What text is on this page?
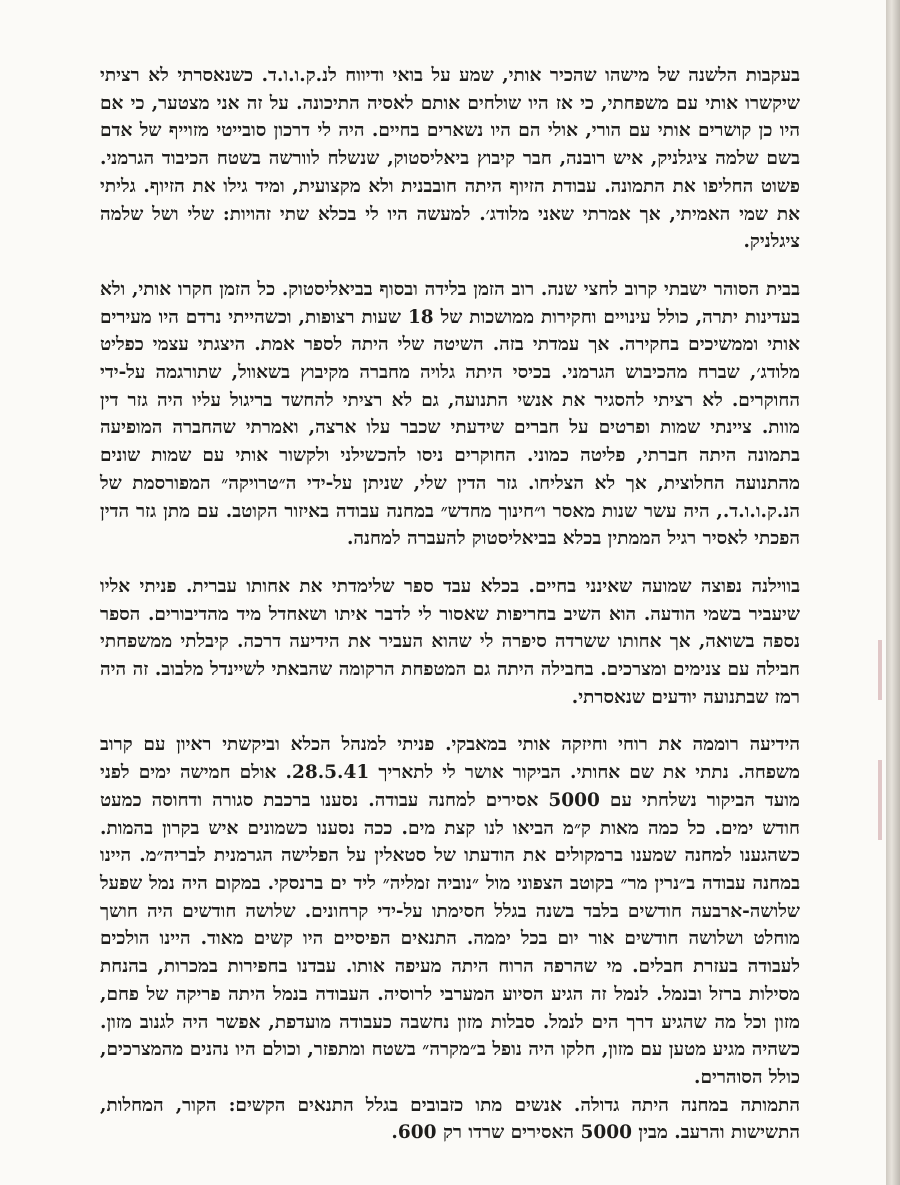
בעקבות הלשנה של מישהו שהכיר אותי, שמע על בואי ודיווח לנ.ק.ו.ו.ד. כשנאסרתי לא רציתי שיקשרו אותי עם משפחתי, כי אז היו שולחים אותם לאסיה התיכונה. על זה אני מצטער, כי אם היו כן קושרים אותי עם הורי, אולי הם היו נשארים בחיים. היה לי דרכון סובייטי מזוייף של אדם בשם שלמה ציגלניק, איש רובנה, חבר קיבוץ ביאליסטוק, שנשלח לוורשה בשטח הכיבוד הגרמני. פשוט החליפו את התמונה. עבודת הזיוף היתה חובבנית ולא מקצועית, ומיד גילו את הזיוף. גליתי את שמי האמיתי, אך אמרתי שאני מלודג׳. למעשה היו לי בכלא שתי זהויות: שלי ושל שלמה ציגלניק.

בבית הסוהר ישבתי קרוב לחצי שנה. רוב הזמן בלידה ובסוף בביאליסטוק. כל הזמן חקרו אותי, ולא בעדינות יתרה, כולל עינויים וחקירות ממושכות של 18 שעות רצופות, וכשהייתי נרדם היו מעירים אותי וממשיכים בחקירה. אך עמדתי בזה. השיטה שלי היתה לספר אמת. היצגתי עצמי כפליט מלודג׳, שברח מהכיבוש הגרמני. בכיסי היתה גלויה מחברה מקיבוץ בשאוול, שתורגמה על-ידי החוקרים. לא רציתי להסגיר את אנשי התנועה, גם לא רציתי להחשד בריגול עליו היה גזר דין מוות. ציינתי שמות ופרטים על חברים שידעתי שכבר עלו ארצה, ואמרתי שהחברה המופיעה בתמונה היתה חברתי, פליטה כמוני. החוקרים ניסו להכשילני ולקשור אותי עם שמות שונים מהתנועה החלוצית, אך לא הצליחו. גזר הדין שלי, שניתן על-ידי ה״טרויקה״ המפורסמת של הנ.ק.ו.ו.ד., היה עשר שנות מאסר ו״חינוך מחדש״ במחנה עבודה באיזור הקוטב. עם מתן גזר הדין הפכתי לאסיר רגיל הממתין בכלא בביאליסטוק להעברה למחנה.

בווילנה נפוצה שמועה שאינני בחיים. בכלא עבד ספר שלימדתי את אחותו עברית. פניתי אליו שיעביר בשמי הודעה. הוא השיב בחריפות שאסור לי לדבר איתו ושאחדל מיד מהדיבורים. הספר נספה בשואה, אך אחותו ששרדה סיפרה לי שהוא העביר את הידיעה דרכה. קיבלתי ממשפחתי חבילה עם צנימים ומצרכים. בחבילה היתה גם המטפחת הרקומה שהבאתי לשיינדל מלבוב. זה היה רמז שבתנועה יודעים שנאסרתי.

הידיעה רוממה את רוחי וחיזקה אותי במאבקי. פניתי למנהל הכלא וביקשתי ראיון עם קרוב משפחה. נתתי את שם אחותי. הביקור אושר לי לתאריך 28.5.41. אולם חמישה ימים לפני מועד הביקור נשלחתי עם 5000 אסירים למחנה עבודה. נסענו ברכבת סגורה ודחוסה כמעט חודש ימים. כל כמה מאות ק״מ הביאו לנו קצת מים. ככה נסענו כשמונים איש בקרון בהמות. כשהגענו למחנה שמענו ברמקולים את הודעתו של סטאלין על הפלישה הגרמנית לבריה״מ. היינו במחנה עבודה ב״נרין מר״ בקוטב הצפוני מול ״נוביה זמליה״ ליד ים ברנסקי. במקום היה נמל שפעל שלושה-ארבעה חודשים בלבד בשנה בגלל חסימתו על-ידי קרחונים. שלושה חודשים היה חושך מוחלט ושלושה חודשים אור יום בכל יממה. התנאים הפיסיים היו קשים מאוד. היינו הולכים לעבודה בעזרת חבלים. מי שהרפה הרוח היתה מעיפה אותו. עבדנו בחפירות במכרות, בהנחת מסילות ברזל ובנמל. לנמל זה הגיע הסיוע המערבי לרוסיה. העבודה בנמל היתה פריקה של פחם, מזון וכל מה שהגיע דרך הים לנמל. סבלות מזון נחשבה כעבודה מועדפת, אפשר היה לגנוב מזון. כשהיה מגיע מטען עם מזון, חלקו היה נופל ב״מקרה״ בשטח ומתפזר, וכולם היו נהנים מהמצרכים, כולל הסוהרים.

התמותה במחנה היתה גדולה. אנשים מתו כזבובים בגלל התנאים הקשים: הקור, המחלות, התשישות והרעב. מבין 5000 האסירים שרדו רק 600.
